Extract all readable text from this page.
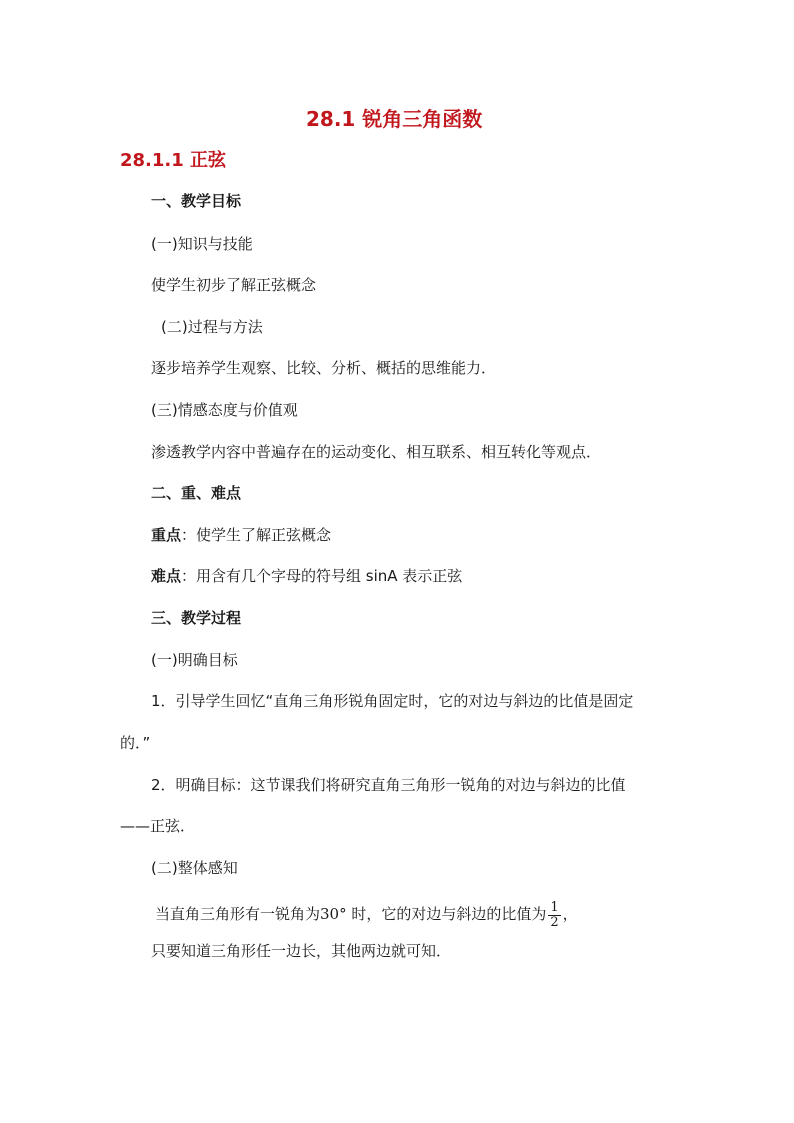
28.1 锐角三角函数
28.1.1 正弦
一、教学目标
(一)知识与技能
使学生初步了解正弦概念
(二)过程与方法
逐步培养学生观察、比较、分析、概括的思维能力．
(三)情感态度与价值观
渗透教学内容中普遍存在的运动变化、相互联系、相互转化等观点．
二、重、难点
重点：使学生了解正弦概念
难点：用含有几个字母的符号组 sinA 表示正弦
三、教学过程
(一)明确目标
1．引导学生回忆“直角三角形锐角固定时，它的对边与斜边的比值是固定
的．”
2．明确目标：这节课我们将研究直角三角形一锐角的对边与斜边的比值
——正弦．
(二)整体感知
当直角三角形有一锐角为30° 时，它的对边与斜边的比值为 $\frac{1}{2}$ ，
只要知道三角形任一边长，其他两边就可知．
